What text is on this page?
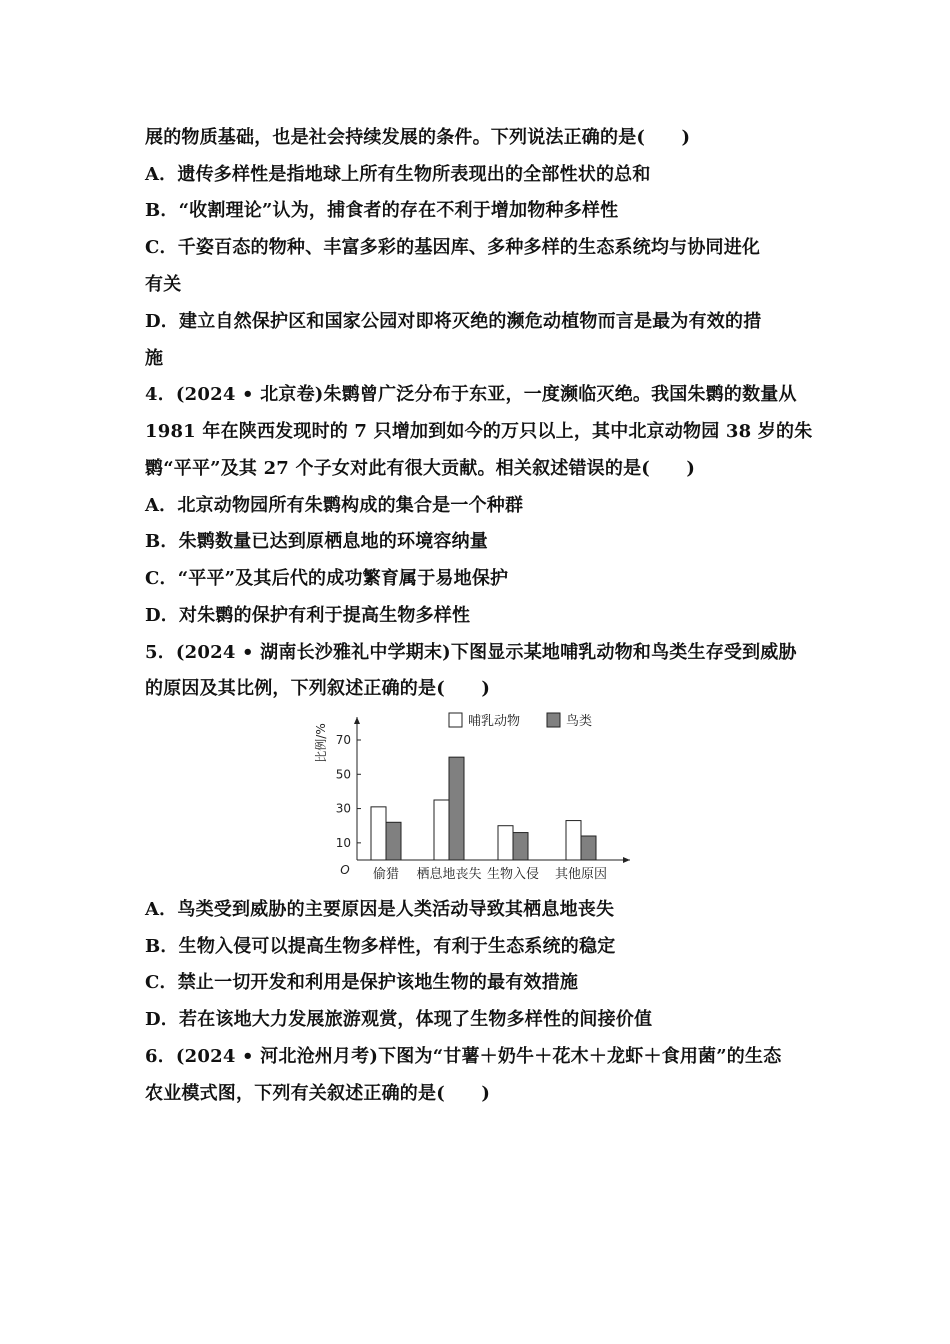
展的物质基础，也是社会持续发展的条件。下列说法正确的是(　　)
A．遗传多样性是指地球上所有生物所表现出的全部性状的总和
B．“收割理论”认为，捕食者的存在不利于增加物种多样性
C．千姿百态的物种、丰富多彩的基因库、多种多样的生态系统均与协同进化
有关
D．建立自然保护区和国家公园对即将灭绝的濒危动植物而言是最为有效的措
施
4．(2024 • 北京卷)朱鹮曾广泛分布于东亚，一度濒临灭绝。我国朱鹮的数量从
1981 年在陕西发现时的 7 只增加到如今的万只以上，其中北京动物园 38 岁的朱
鹮“平平”及其 27 个子女对此有很大贡献。相关叙述错误的是(　　)
A．北京动物园所有朱鹮构成的集合是一个种群
B．朱鹮数量已达到原栖息地的环境容纳量
C．“平平”及其后代的成功繁育属于易地保护
D．对朱鹮的保护有利于提高生物多样性
5．(2024 • 湖南长沙雅礼中学期末)下图显示某地哺乳动物和鸟类生存受到威胁
的原因及其比例，下列叙述正确的是(　　)
10
30
50
70
O
比例/%
偷猎 栖息地丧失 生物入侵 其他原因
哺乳动物	鸟类
A．鸟类受到威胁的主要原因是人类活动导致其栖息地丧失
B．生物入侵可以提高生物多样性，有利于生态系统的稳定
C．禁止一切开发和利用是保护该地生物的最有效措施
D．若在该地大力发展旅游观赏，体现了生物多样性的间接价值
6．(2024 • 河北沧州月考)下图为“甘薯＋奶牛＋花木＋龙虾＋食用菌”的生态
农业模式图，下列有关叙述正确的是(　　)
